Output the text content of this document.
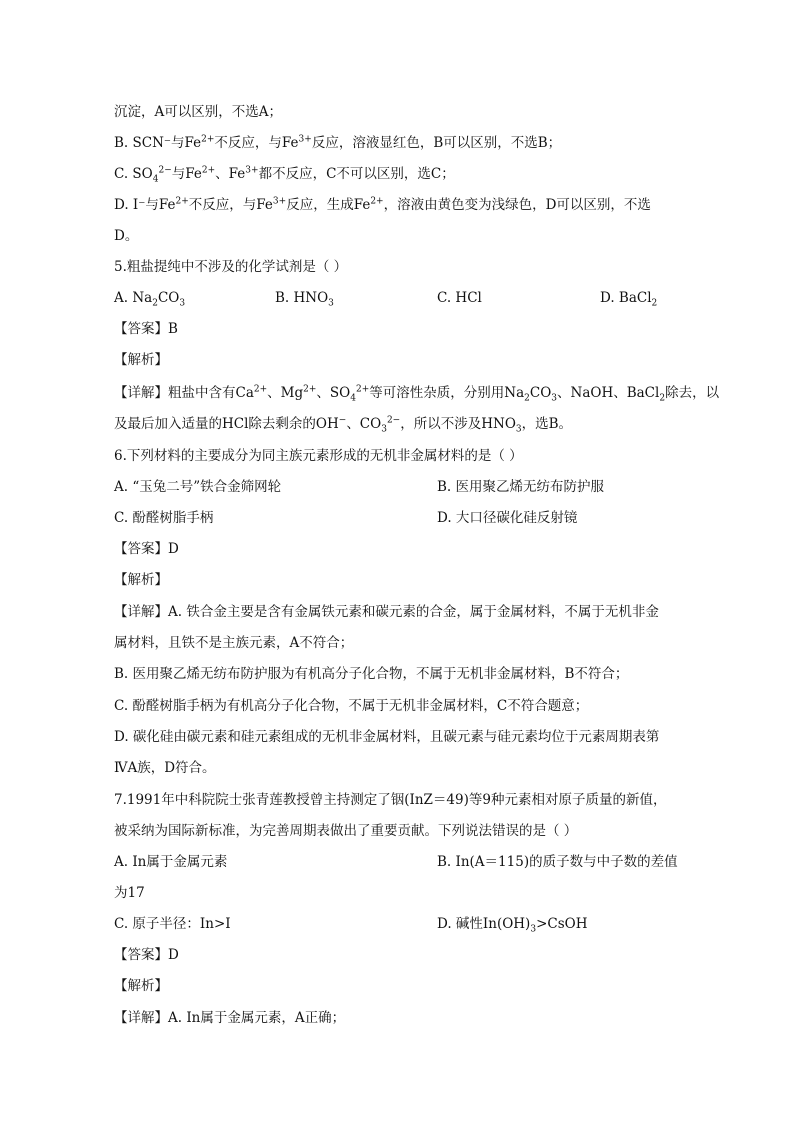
沉淀，A可以区别，不选A；
B. SCN⁻与$Fe^{2+}$不反应，与$Fe^{3+}$反应，溶液显红色，B可以区别，不选B；
C. $SO_4^{2-}$与$Fe^{2+}$、$Fe^{3+}$都不反应，C不可以区别，选C；
D. I⁻与$Fe^{2+}$不反应，与$Fe^{3+}$反应，生成$Fe^{2+}$，溶液由黄色变为浅绿色，D可以区别，不选
D。
5.粗盐提纯中不涉及的化学试剂是（ ）
A. $Na_2CO_3$	B. $HNO_3$	C. HCl	D. BaCl$_2$
【答案】B
【解析】
【详解】粗盐中含有$Ca^{2+}$、$Mg^{2+}$、$SO_4^{2+}$等可溶性杂质，分别用$Na_2CO_3$、NaOH、BaCl$_2$除去，以
及最后加入适量的HCl除去剩余的OH−、$CO_3^{2-}$，所以不涉及$HNO_3$，选B。
6.下列材料的主要成分为同主族元素形成的无机非金属材料的是（ ）
A. “玉兔二号”铁合金筛网轮	B. 医用聚乙烯无纺布防护服
C. 酚醛树脂手柄	D. 大口径碳化硅反射镜
【答案】D
【解析】
【详解】A. 铁合金主要是含有金属铁元素和碳元素的合金，属于金属材料，不属于无机非金
属材料，且铁不是主族元素，A不符合；
B. 医用聚乙烯无纺布防护服为有机高分子化合物，不属于无机非金属材料，B不符合；
C. 酚醛树脂手柄为有机高分子化合物，不属于无机非金属材料，C不符合题意；
D. 碳化硅由碳元素和硅元素组成的无机非金属材料，且碳元素与硅元素均位于元素周期表第
ⅣA族，D符合。
7.1991年中科院院士张青莲教授曾主持测定了铟(InZ＝49)等9种元素相对原子质量的新值，
被采纳为国际新标准，为完善周期表做出了重要贡献。下列说法错误的是（ ）
A. In属于金属元素	B. In(A＝115)的质子数与中子数的差值
为17
C. 原子半径：In>I	D. 碱性$In(OH)_3>CsOH$
【答案】D
【解析】
【详解】A. In属于金属元素，A正确；
